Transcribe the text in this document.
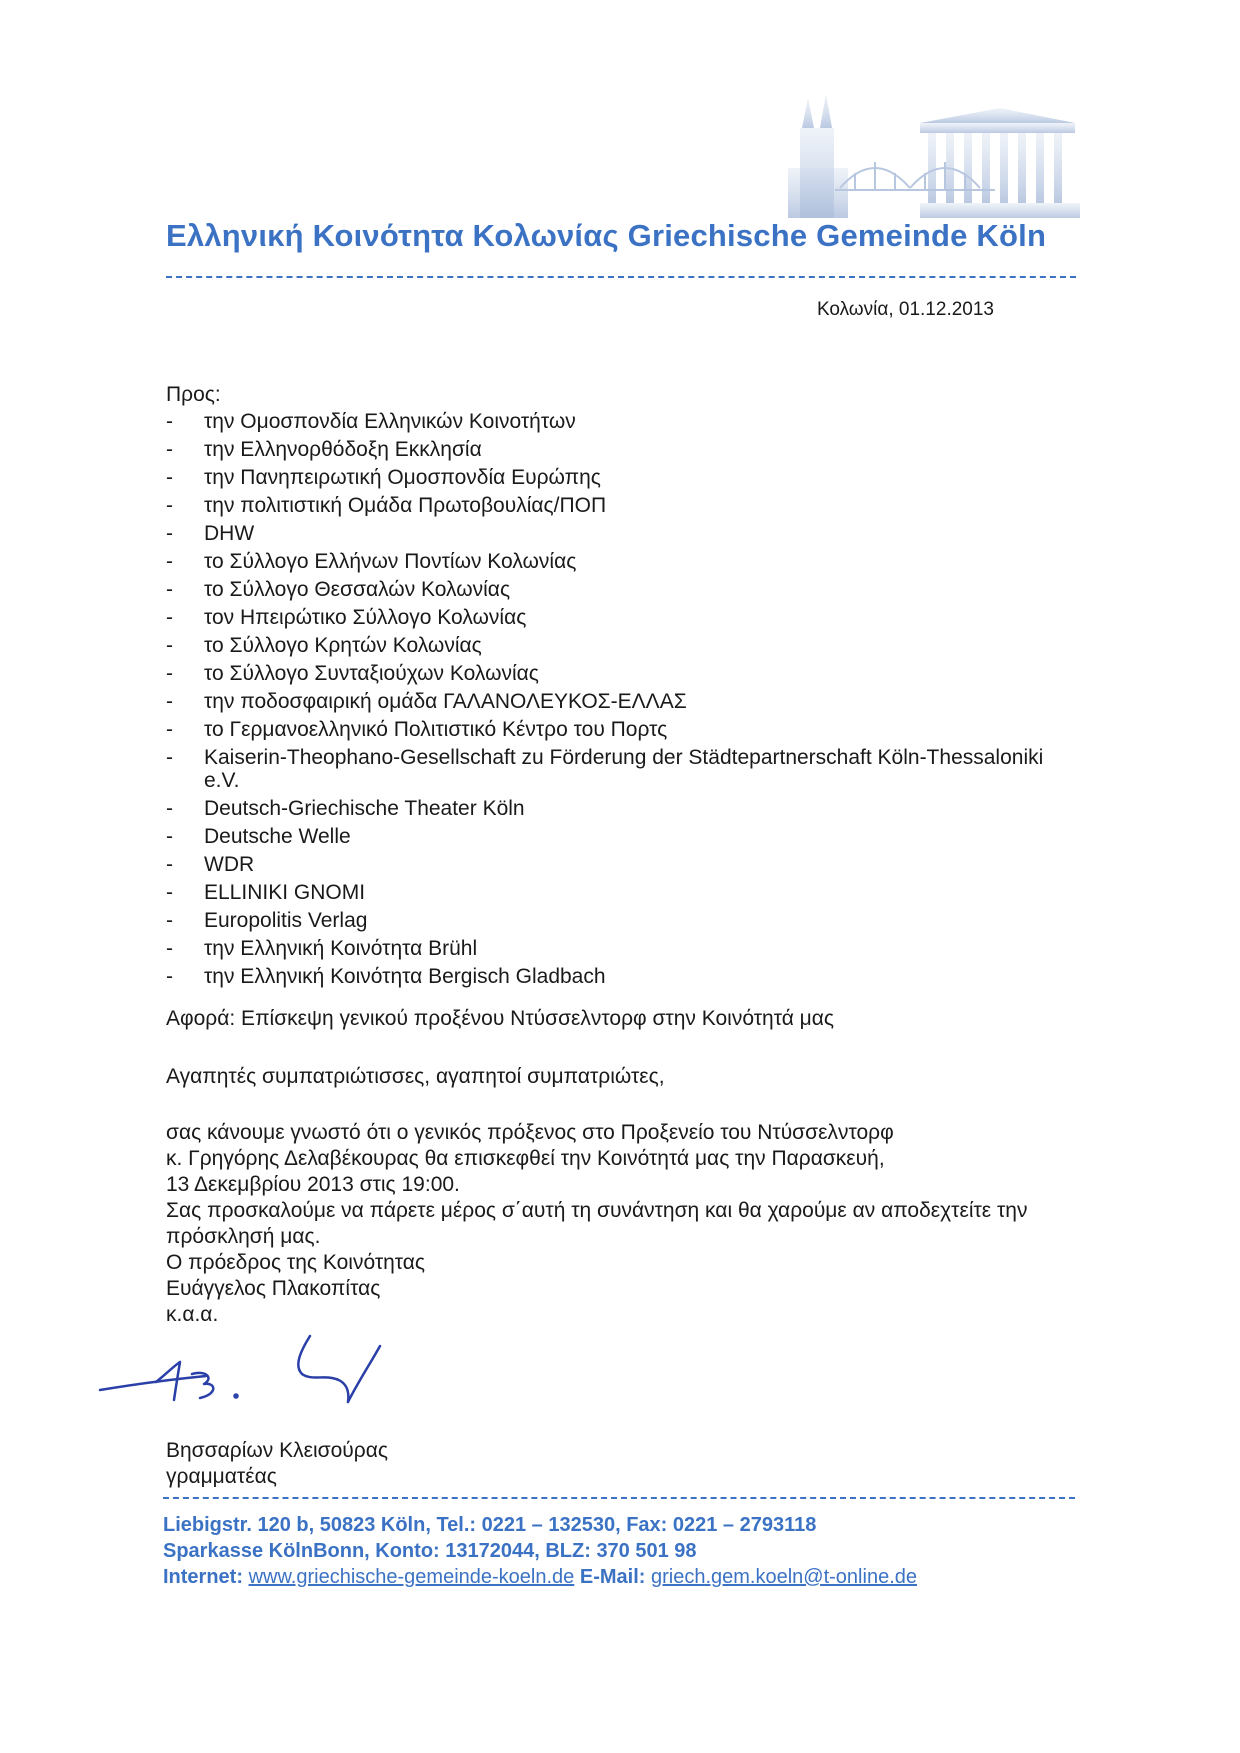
Ελληνική Κοινότητα Κολωνίας Griechische Gemeinde Köln
Κολωνία, 01.12.2013
Προς:
- την Ομοσπονδία Ελληνικών Κοινοτήτων
- την Ελληνορθόδοξη Εκκλησία
- την Πανηπειρωτική Ομοσπονδία Ευρώπης
- την πολιτιστική Ομάδα Πρωτοβουλίας/ΠΟΠ
- DHW
- το Σύλλογο Ελλήνων Ποντίων Κολωνίας
- το Σύλλογο Θεσσαλών Κολωνίας
- τον Ηπειρώτικο Σύλλογο Κολωνίας
- το Σύλλογο Κρητών Κολωνίας
- το Σύλλογο Συνταξιούχων Κολωνίας
- την ποδοσφαιρική ομάδα ΓΑΛΑΝΟΛΕΥΚΟΣ-ΕΛΛΑΣ
- το Γερμανοελληνικό Πολιτιστικό Κέντρο του Πορτς
- Kaiserin-Theophano-Gesellschaft zu Förderung der Städtepartnerschaft Köln-Thessaloniki e.V.
- Deutsch-Griechische Theater Köln
- Deutsche Welle
- WDR
- ELLINIKI GNOMI
- Europolitis Verlag
- την Ελληνική Κοινότητα Brühl
- την Ελληνική Κοινότητα Bergisch Gladbach
Αφορά: Επίσκεψη γενικού προξένου Ντύσσελντορφ στην Κοινότητά μας
Αγαπητές συμπατριώτισσες, αγαπητοί συμπατριώτες,

σας κάνουμε γνωστό ότι ο γενικός πρόξενος στο Προξενείο του Ντύσσελντορφ

κ. Γρηγόρης Δελαβέκουρας θα επισκεφθεί την Κοινότητά μας την Παρασκευή,

13 Δεκεμβρίου 2013 στις 19:00.

Σας προσκαλούμε να πάρετε μέρος σ΄αυτή τη συνάντηση και θα χαρούμε αν αποδεχτείτε την

πρόσκλησή μας.

Ο πρόεδρος της Κοινότητας

Ευάγγελος Πλακοπίτας

κ.α.α.

Βησσαρίων Κλεισούρας

γραμματέας

Liebigstr. 120 b, 50823 Köln, Tel.: 0221 – 132530, Fax: 0221 – 2793118
Sparkasse KölnBonn, Konto: 13172044, BLZ: 370 501 98
Internet: www.griechische-gemeinde-koeln.de E-Mail: griech.gem.koeln@t-online.de
